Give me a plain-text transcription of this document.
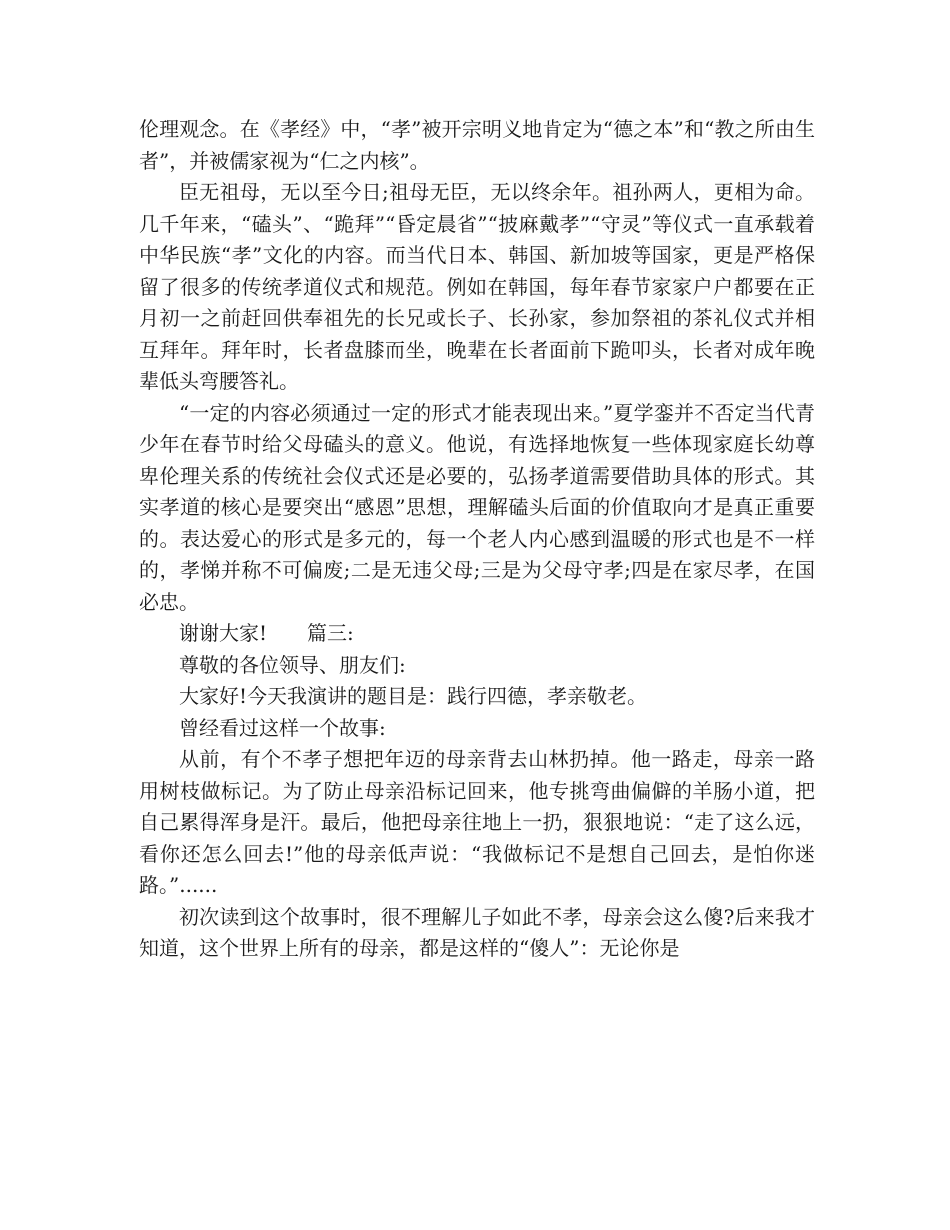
伦理观念。在《孝经》中，“孝”被开宗明义地肯定为“德之本”和“教之所由生者”，并被儒家视为“仁之内核”。

臣无祖母，无以至今日;祖母无臣，无以终余年。祖孙两人，更相为命。几千年来，“磕头”、“跪拜”“昏定晨省”“披麻戴孝”“守灵”等仪式一直承载着中华民族“孝”文化的内容。而当代日本、韩国、新加坡等国家，更是严格保留了很多的传统孝道仪式和规范。例如在韩国，每年春节家家户户都要在正月初一之前赶回供奉祖先的长兄或长子、长孙家，参加祭祖的茶礼仪式并相互拜年。拜年时，长者盘膝而坐，晚辈在长者面前下跪叩头，长者对成年晚辈低头弯腰答礼。

“一定的内容必须通过一定的形式才能表现出来。”夏学銮并不否定当代青少年在春节时给父母磕头的意义。他说，有选择地恢复一些体现家庭长幼尊卑伦理关系的传统社会仪式还是必要的，弘扬孝道需要借助具体的形式。其实孝道的核心是要突出“感恩”思想，理解磕头后面的价值取向才是真正重要的。表达爱心的形式是多元的，每一个老人内心感到温暖的形式也是不一样的，孝悌并称不可偏废;二是无违父母;三是为父母守孝;四是在家尽孝，在国必忠。

谢谢大家!　　篇三:

尊敬的各位领导、朋友们:

大家好!今天我演讲的题目是：践行四德，孝亲敬老。

曾经看过这样一个故事:

从前，有个不孝子想把年迈的母亲背去山林扔掉。他一路走，母亲一路用树枝做标记。为了防止母亲沿标记回来，他专挑弯曲偏僻的羊肠小道，把自己累得浑身是汗。最后，他把母亲往地上一扔，狠狠地说：“走了这么远，看你还怎么回去!”他的母亲低声说：“我做标记不是想自己回去，是怕你迷路。”......

初次读到这个故事时，很不理解儿子如此不孝，母亲会这么傻?后来我才知道，这个世界上所有的母亲，都是这样的“傻人”：无论你是
